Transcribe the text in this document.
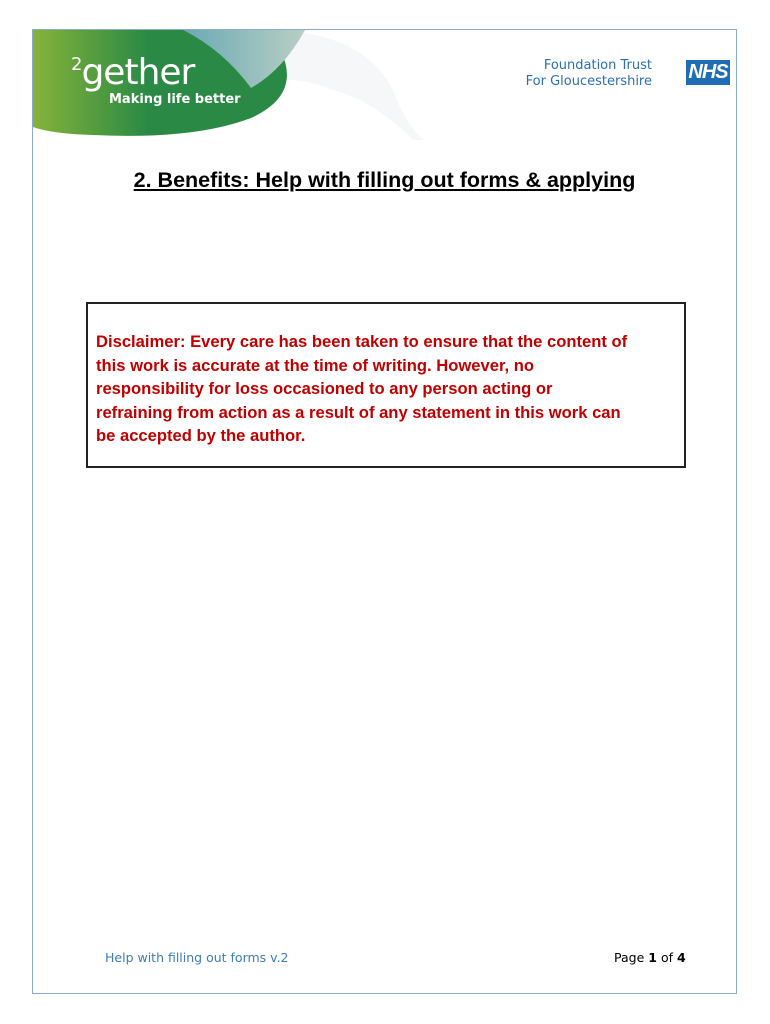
$^2$gether
Making life better
Foundation Trust
For Gloucestershire NHS
2. Benefits: Help with filling out forms & applying
Disclaimer: Every care has been taken to ensure that the content of
this work is accurate at the time of writing. However, no
responsibility for loss occasioned to any person acting or
refraining from action as a result of any statement in this work can
be accepted by the author.
Help with filling out forms v.2	Page 1 of 4
